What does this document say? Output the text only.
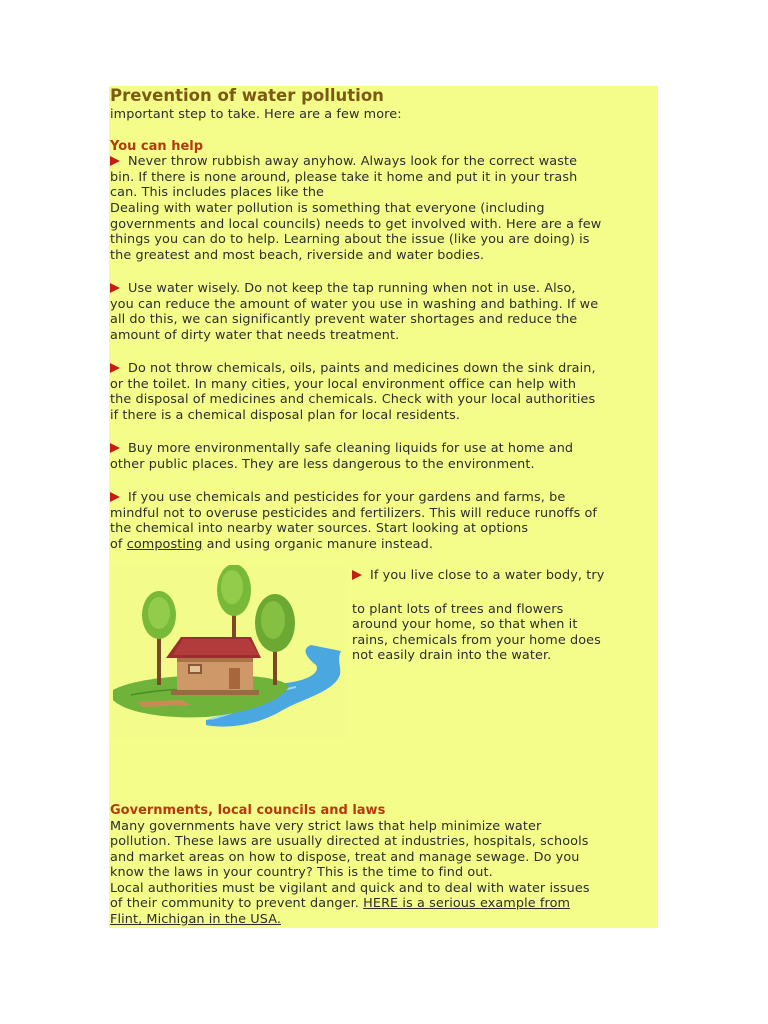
Prevention of water pollution
important step to take. Here are a few more:
You can help
Never throw rubbish away anyhow. Always look for the correct waste
bin. If there is none around, please take it home and put it in your trash
can. This includes places like the
Dealing with water pollution is something that everyone (including
governments and local councils) needs to get involved with. Here are a few
things you can do to help. Learning about the issue (like you are doing) is
the greatest and most beach, riverside and water bodies.
Use water wisely. Do not keep the tap running when not in use. Also,
you can reduce the amount of water you use in washing and bathing. If we
all do this, we can significantly prevent water shortages and reduce the
amount of dirty water that needs treatment.
Do not throw chemicals, oils, paints and medicines down the sink drain,
or the toilet. In many cities, your local environment office can help with
the disposal of medicines and chemicals. Check with your local authorities
if there is a chemical disposal plan for local residents.
Buy more environmentally safe cleaning liquids for use at home and
other public places. They are less dangerous to the environment.
If you use chemicals and pesticides for your gardens and farms, be
mindful not to overuse pesticides and fertilizers. This will reduce runoffs of
the chemical into nearby water sources. Start looking at options
of composting and using organic manure instead.
If you live close to a water body, try
to plant lots of trees and flowers
around your home, so that when it
rains, chemicals from your home does
not easily drain into the water.
Governments, local councils and laws
Many governments have very strict laws that help minimize water
pollution. These laws are usually directed at industries, hospitals, schools
and market areas on how to dispose, treat and manage sewage. Do you
know the laws in your country? This is the time to find out.
Local authorities must be vigilant and quick and to deal with water issues
of their community to prevent danger. HERE is a serious example from
Flint, Michigan in the USA.
